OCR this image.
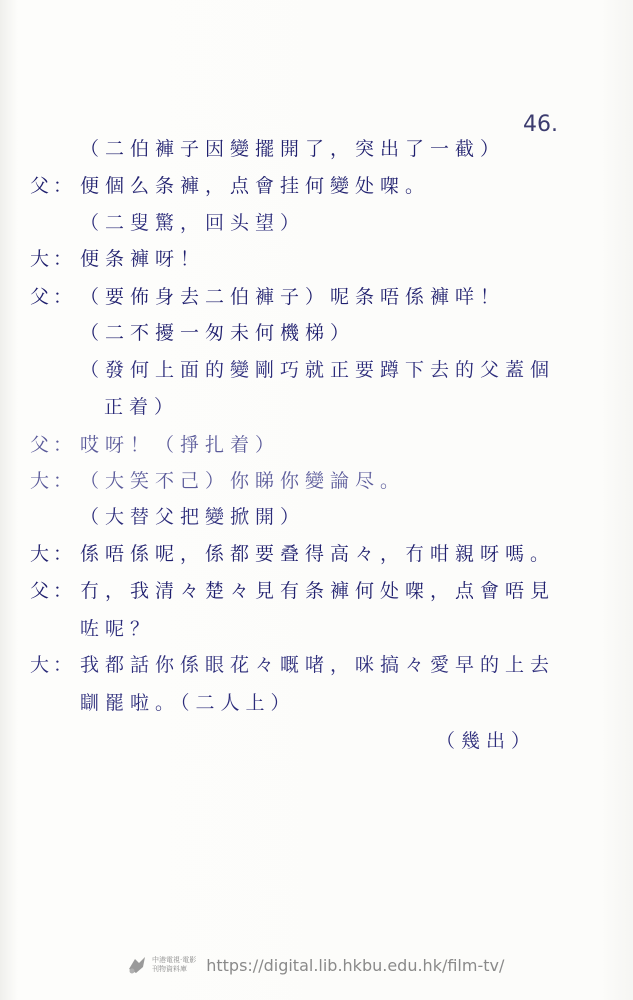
46.
（二伯褲子因變擺開了，突出了一截）
父： 便個么条褲，点會挂何變处㗎。
（二叟驚，回头望）
大： 便条褲呀！
父： （要佈身去二伯褲子）呢条唔係褲咩！
（二不擾一匆未何機梯）
（發何上面的變剛巧就正要蹲下去的父蓋個
正着）
父： 哎呀！（掙扎着）
大： （大笑不己）你睇你變論尽。
（大替父把變掀開）
大： 係唔係呢，係都要叠得高々，冇咁親呀嗎。
父： 冇，我清々楚々見有条褲何处㗎，点會唔見
咗呢？
大： 我都話你係眼花々嘅啫，咪搞々愛早的上去
瞓罷啦。（二人上）
（幾出）
中港電視‧電影
刊物資料庫	https://digital.lib.hkbu.edu.hk/film-tv/
